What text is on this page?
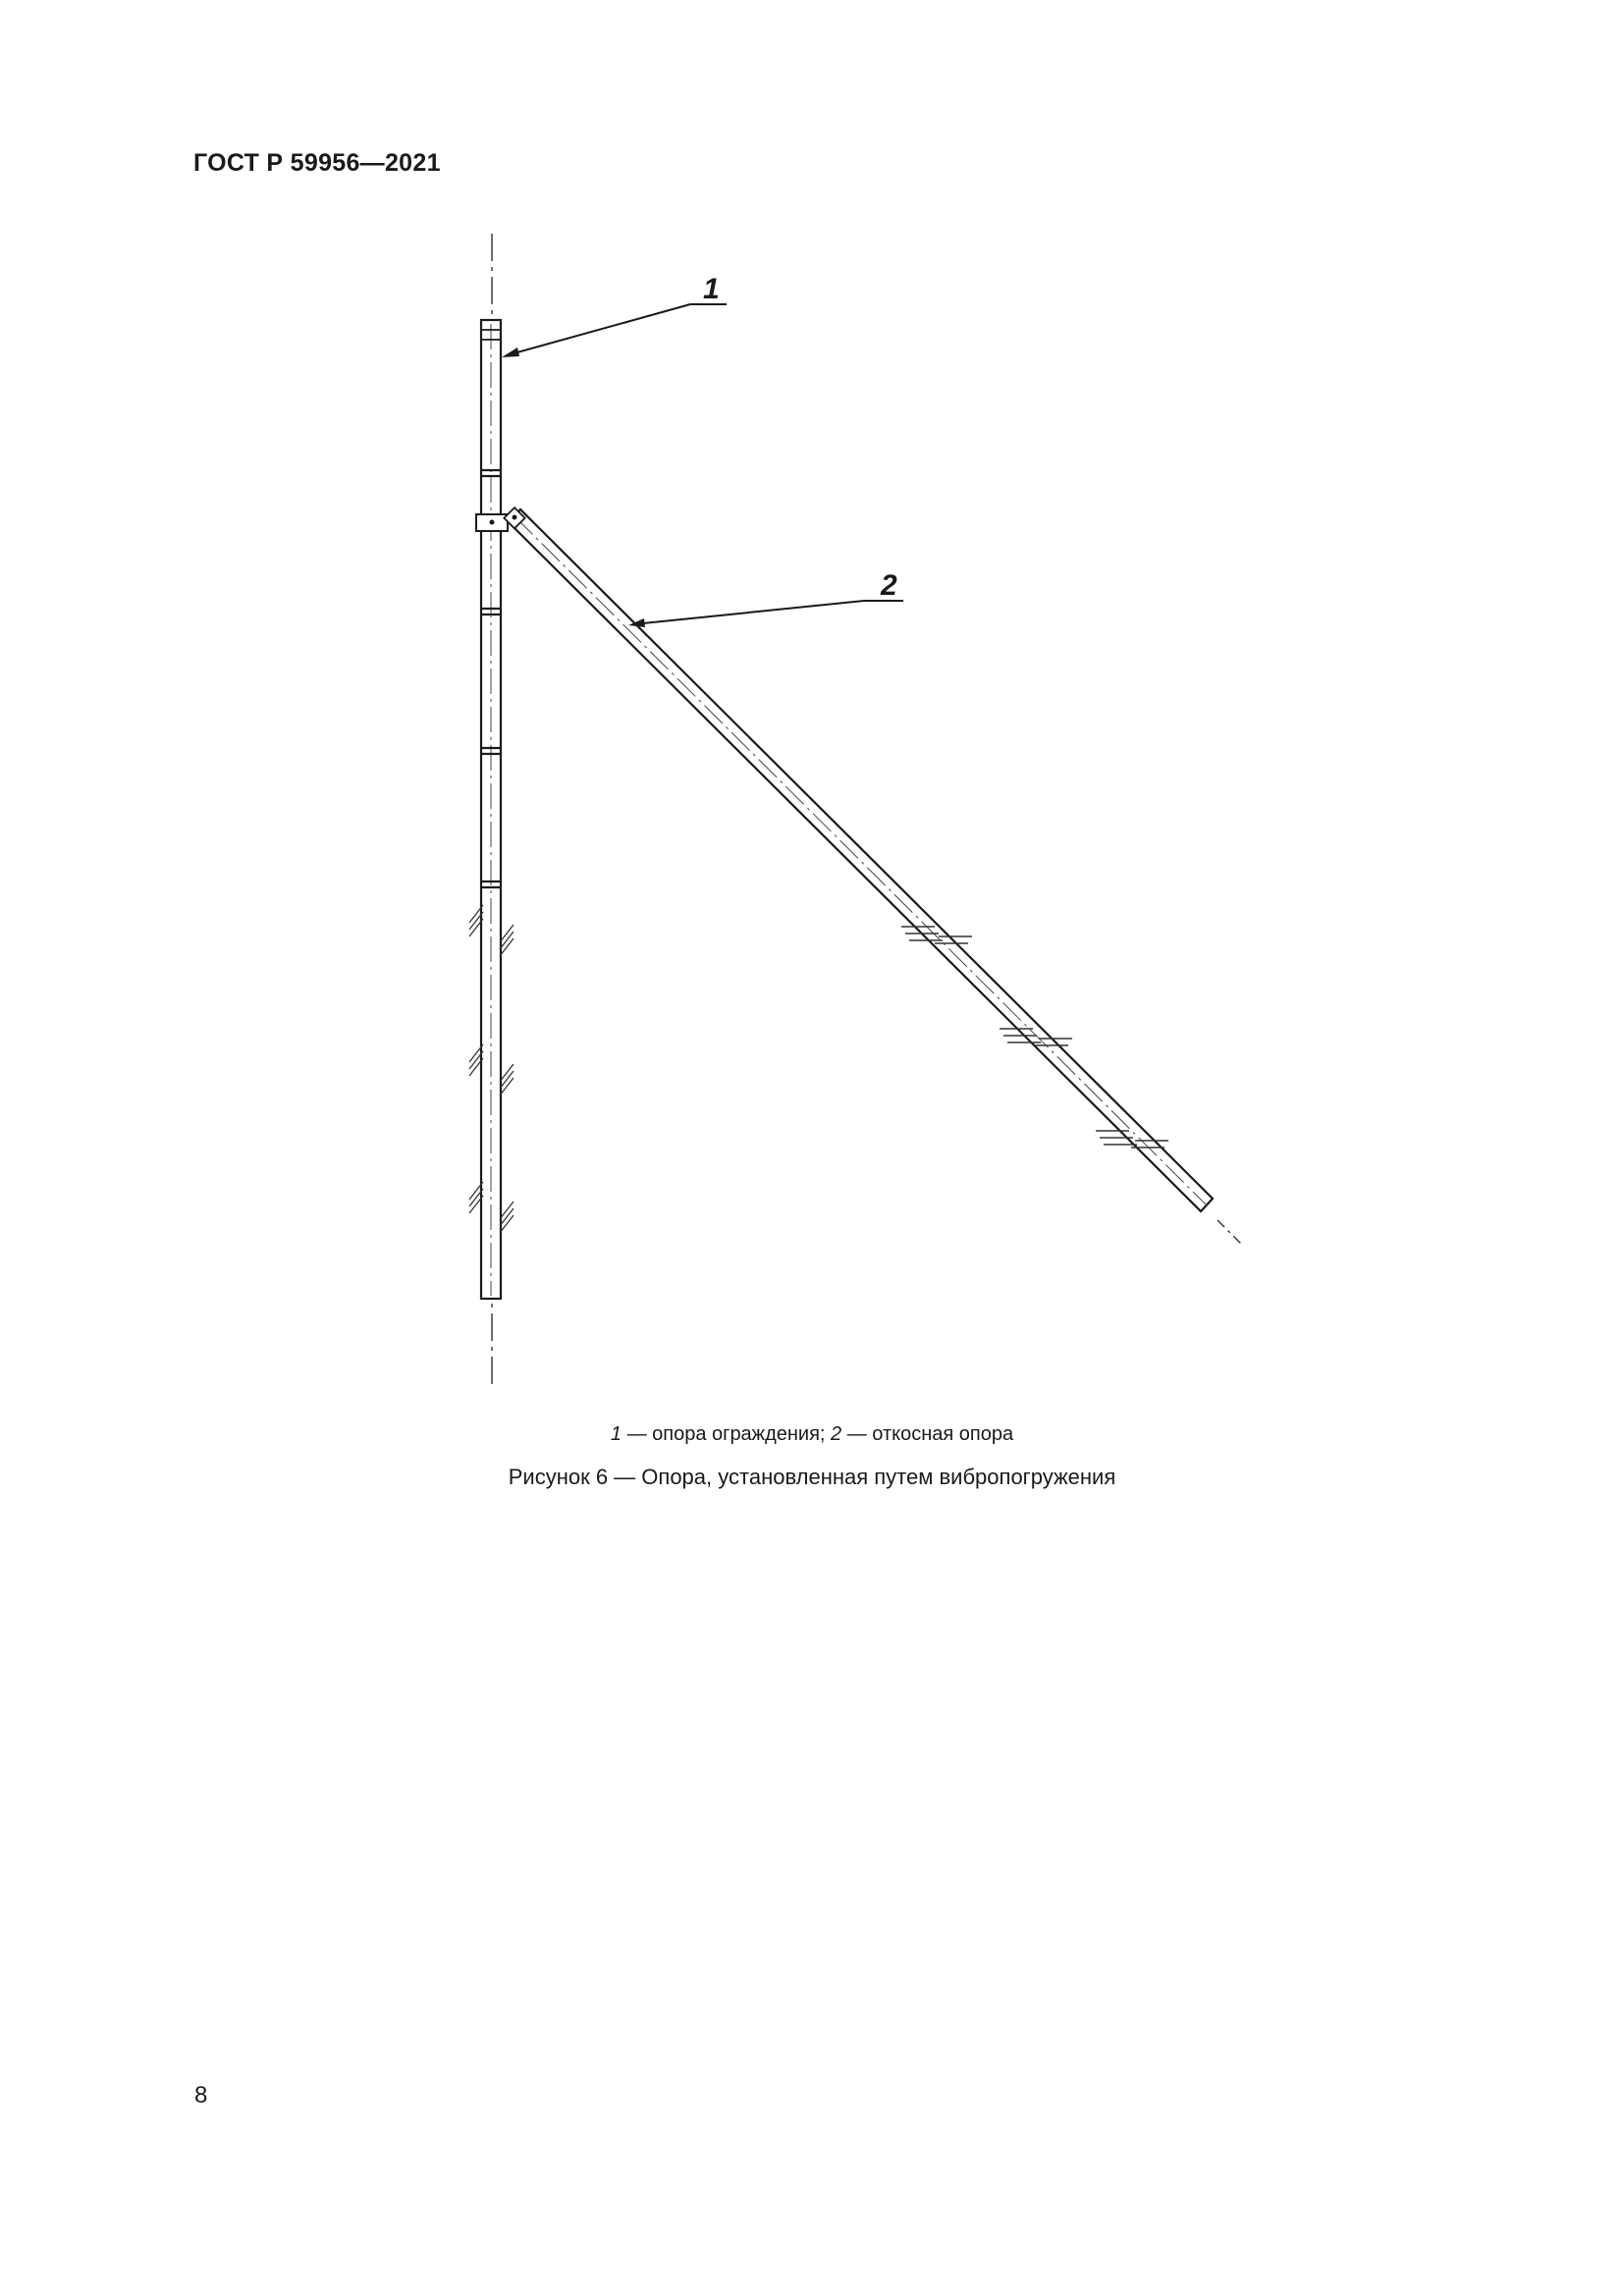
ГОСТ Р 59956—2021
1
2
1 — опора ограждения; 2 — откосная опора
Рисунок 6 — Опора, установленная путем вибропогружения
8
